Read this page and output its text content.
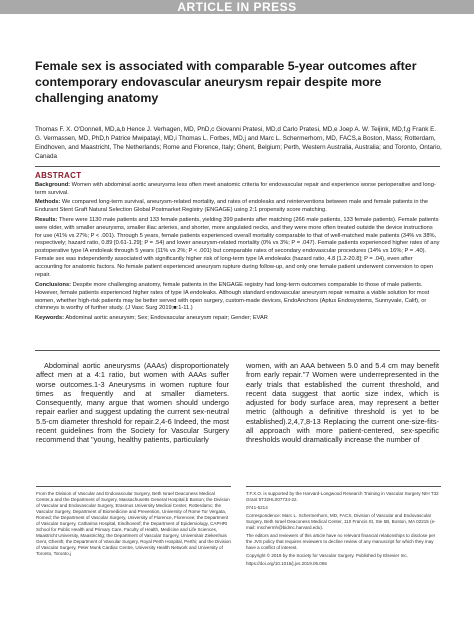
ARTICLE IN PRESS
Female sex is associated with comparable 5-year outcomes after contemporary endovascular aneurysm repair despite more challenging anatomy
Thomas F. X. O'Donnell, MD,a,b Hence J. Verhagen, MD, PhD,c Giovanni Pratesi, MD,d Carlo Pratesi, MD,e Joep A. W. Teijink, MD,f,g Frank E. G. Vermassen, MD, PhD,h Patrice Mwipatayi, MD,i Thomas L. Forbes, MD,j and Marc L. Schermerhorn, MD, FACS,a Boston, Mass; Rotterdam, Eindhoven, and Maastricht, The Netherlands; Rome and Florence, Italy; Ghent, Belgium; Perth, Western Australia, Australia; and Toronto, Ontario, Canada
ABSTRACT

Background: Women with abdominal aortic aneurysms less often meet anatomic criteria for endovascular repair and experience worse perioperative and long-term survival.

Methods: We compared long-term survival, aneurysm-related mortality, and rates of endoleaks and reinterventions between male and female patients in the Endurant Stent Graft Natural Selection Global Postmarket Registry (ENGAGE) using 2:1 propensity score matching.

Results: There were 1130 male patients and 133 female patients, yielding 399 patients after matching (266 male patients, 133 female patients). Female patients were older, with smaller aneurysms, smaller iliac arteries, and shorter, more angulated necks, and they were more often treated outside the device instructions for use (41% vs 27%; P < .001). Through 5 years, female patients experienced overall mortality comparable to that of well-matched male patients (34% vs 38%, respectively; hazard ratio, 0.89 [0.61-1.29]; P = .54) and lower aneurysm-related mortality (0% vs 3%; P = .047). Female patients experienced higher rates of any postoperative type IA endoleak through 5 years (11% vs 2%; P < .001) but comparable rates of secondary endovascular procedures (14% vs 16%; P = .40). Female sex was independently associated with significantly higher risk of long-term type IA endoleaks (hazard ratio, 4.8 [1.2-20.8]; P = .04), even after accounting for anatomic factors. No female patient experienced aneurysm rupture during follow-up, and only one female patient underwent conversion to open repair.

Conclusions: Despite more challenging anatomy, female patients in the ENGAGE registry had long-term outcomes comparable to those of male patients. However, female patients experienced higher rates of type IA endoleaks. Although standard endovascular aneurysm repair remains a viable solution for most women, whether high-risk patients may be better served with open surgery, custom-made devices, EndoAnchors (Aptus Endosystems, Sunnyvale, Calif), or chimneys is worthy of further study. (J Vasc Surg 2019;■:1-11.)

Keywords: Abdominal aortic aneurysm; Sex; Endovascular aneurysm repair; Gender; EVAR

Abdominal aortic aneurysms (AAAs) disproportionately affect men at a 4:1 ratio, but women with AAAs suffer worse outcomes.1-3 Aneurysms in women rupture four times as frequently and at smaller diameters. Consequently, many argue that women should undergo repair earlier and suggest updating the current sex-neutral 5.5-cm diameter threshold for repair.2,4-6 Indeed, the most recent guidelines from the Society for Vascular Surgery recommend that "young, healthy patients, particularly
women, with an AAA between 5.0 and 5.4 cm may benefit from early repair."7 Women were underrepresented in the early trials that established the current threshold, and recent data suggest that aortic size index, which is adjusted for body surface area, may represent a better metric (although a definitive threshold is yet to be established).2,4,7,8-13 Replacing the current one-size-fits-all approach with more patient-centered, sex-specific thresholds would dramatically increase the number of

From the Division of Vascular and Endovascular Surgery, Beth Israel Deaconess Medical Center,a and the Department of Surgery, Massachusetts General Hospital,b Boston; the Division of Vascular and Endovascular Surgery, Erasmus University Medical Center, Rotterdamc; the Vascular Surgery, Department of Biomedicine and Prevention, University of Rome Tor Vergata, Romed; the Department of Vascular Surgery, University of Florence, Florencee; the Department of Vascular Surgery, Catharina Hospital, Eindhovenf; the Department of Epidemiology, CAPHRI School for Public Health and Primary Care, Faculty of Health, Medicine and Life Sciences, Maastricht University, Maastrichtg; the Department of Vascular Surgery, Universitair Ziekenhuis Gent, Ghenth; the Department of Vascular Surgery, Royal Perth Hospital, Perthi; and the Division of Vascular Surgery, Peter Munk Cardiac Centre, University Health Network and University of Toronto, Toronto.j

T.F.X.O. is supported by the Harvard-Longwood Research Training in Vascular Surgery NIH T32 Grant 5T32HL007734-22.

0741-5214

Correspondence: Marc L. Schermerhorn, MD, FACS, Division of Vascular and Endovascular Surgery, Beth Israel Deaconess Medical Center, 110 Francis St, Ste 5B, Boston, MA 02215 (e-mail: mschermh@bidmc.harvard.edu).

The editors and reviewers of this article have no relevant financial relationships to disclose per the JVS policy that requires reviewers to decline review of any manuscript for which they may have a conflict of interest.

Copyright © 2019 by the Society for Vascular Surgery. Published by Elsevier Inc.

https://doi.org/10.1016/j.jvs.2019.05.065
